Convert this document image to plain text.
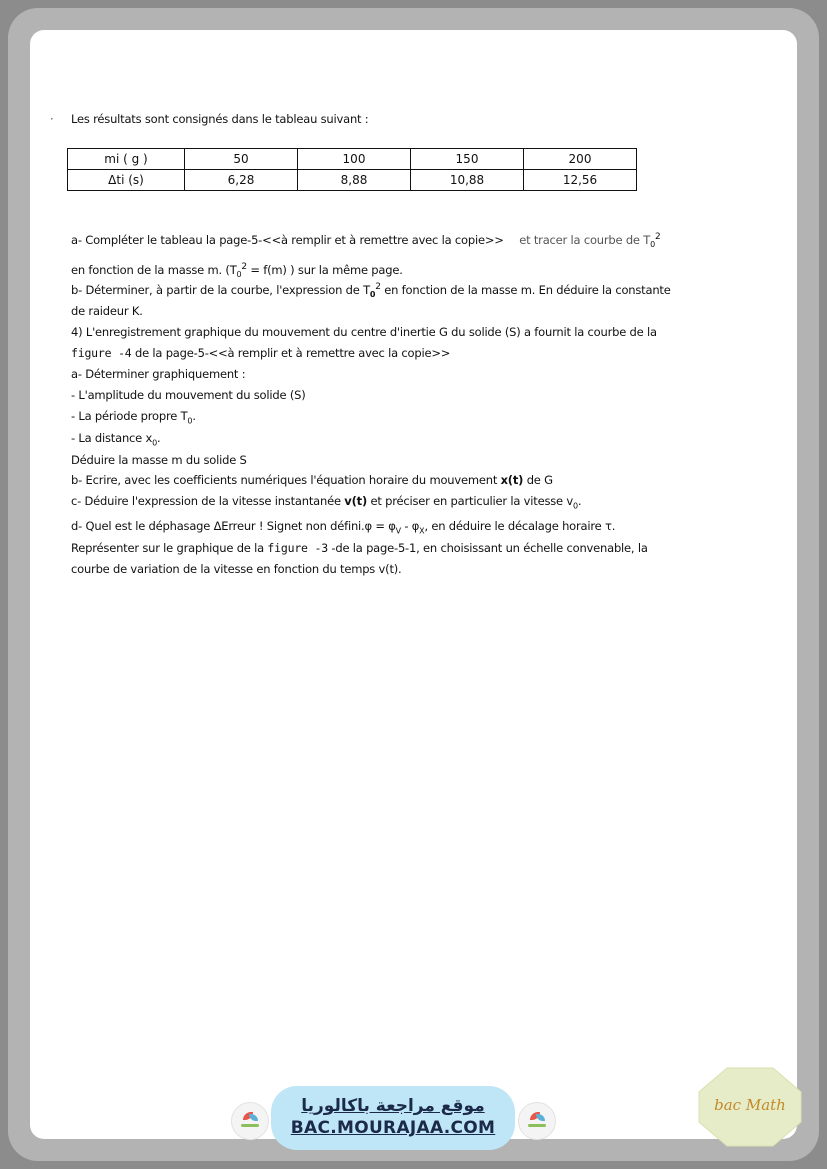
· Les résultats sont consignés dans le tableau suivant :
mi ( g )	50	100	150	200
Δti (s)	6,28	8,88	10,88	12,56
a- Compléter le tableau la page-5-<<à remplir et à remettre avec la copie>> et tracer la courbe de $T_0^2$
en fonction de la masse m. ($T_0^2 = f(m)$ ) sur la même page.
b- Déterminer, à partir de la courbe, l'expression de $T_0^2$ en fonction de la masse m. En déduire la constante
de raideur K.
4) L'enregistrement graphique du mouvement du centre d'inertie G du solide (S) a fournit la courbe de la
figure -4 de la page-5-<<à remplir et à remettre avec la copie>>
a- Déterminer graphiquement :
- L'amplitude du mouvement du solide (S)
- La période propre $T_0$.
- La distance $x_0$.
Déduire la masse m du solide S
b- Ecrire, avec les coefficients numériques l'équation horaire du mouvement x(t) de G
c- Déduire l'expression de la vitesse instantanée v(t) et préciser en particulier la vitesse $v_0$.
d- Quel est le déphasage ΔErreur ! Signet non défini.φ = $\varphi_V - \varphi_X$, en déduire le décalage horaire τ.
Représenter sur le graphique de la figure -3 -de la page-5-1, en choisissant un échelle convenable, la
courbe de variation de la vitesse en fonction du temps v(t).
موقع مراجعة باكالوريا
BAC.MOURAJAA.COM
bac Math
